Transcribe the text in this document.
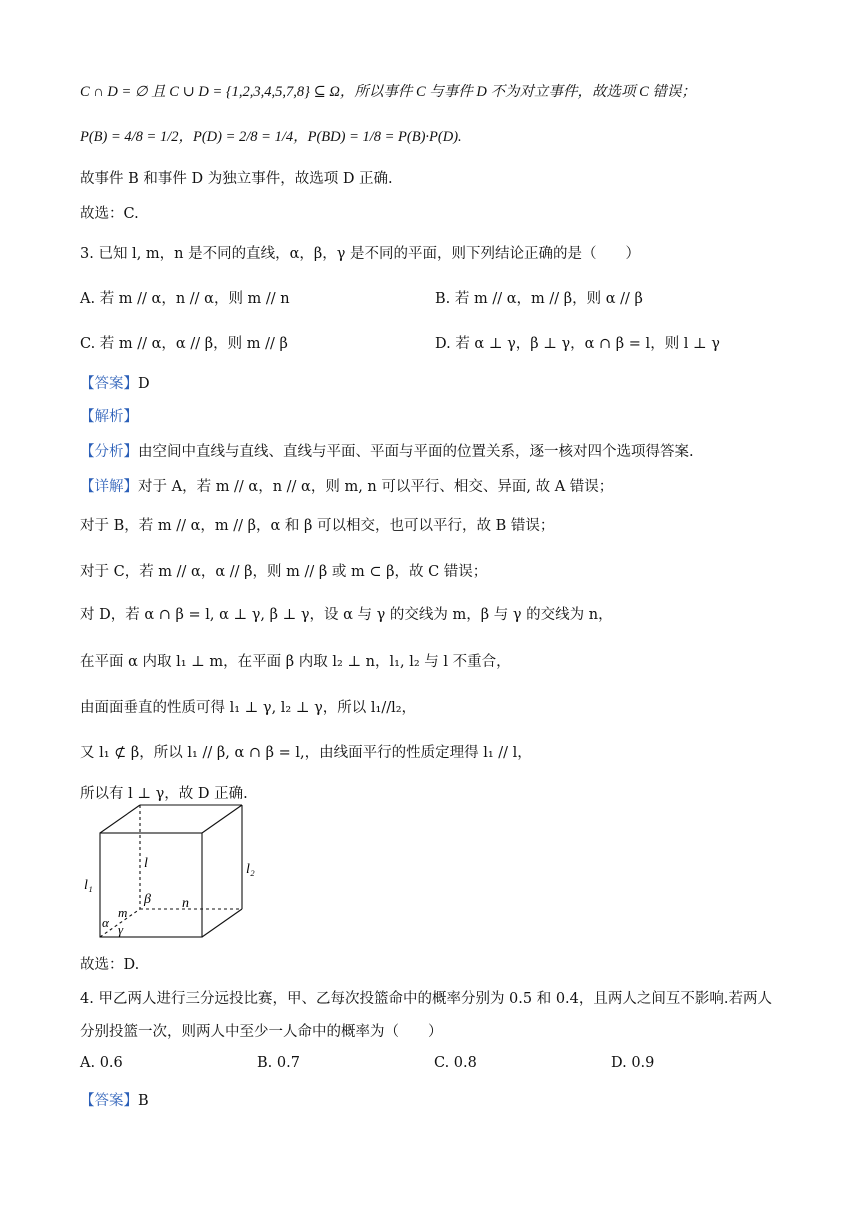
C ∩ D = ∅ 且 C ∪ D = {1,2,3,4,5,7,8} ⊆ Ω，所以事件 C 与事件 D 不为对立事件，故选项 C 错误；
P(B) = 4/8 = 1/2，P(D) = 2/8 = 1/4，P(BD) = 1/8 = P(B)·P(D).
故事件 B 和事件 D 为独立事件，故选项 D 正确.
故选：C.
3. 已知 l, m，n 是不同的直线，α，β，γ 是不同的平面，则下列结论正确的是（　　）
A. 若 m // α，n // α，则 m // n	B. 若 m // α，m // β，则 α // β
C. 若 m // α，α // β，则 m // β	D. 若 α ⊥ γ，β ⊥ γ，α ∩ β = l，则 l ⊥ γ
【答案】D
【解析】
【分析】由空间中直线与直线、直线与平面、平面与平面的位置关系，逐一核对四个选项得答案.
【详解】对于 A，若 m // α，n // α，则 m, n 可以平行、相交、异面, 故 A 错误；
对于 B，若 m // α，m // β，α 和 β 可以相交，也可以平行，故 B 错误；
对于 C，若 m // α，α // β，则 m // β 或 m ⊂ β，故 C 错误；
对 D，若 α ∩ β = l, α ⊥ γ, β ⊥ γ，设 α 与 γ 的交线为 m，β 与 γ 的交线为 n，
在平面 α 内取 l₁ ⊥ m，在平面 β 内取 l₂ ⊥ n，l₁, l₂ 与 l 不重合，
由面面垂直的性质可得 l₁ ⊥ γ, l₂ ⊥ γ，所以 l₁//l₂，
又 l₁ ⊄ β，所以 l₁ // β, α ∩ β = l,，由线面平行的性质定理得 l₁ // l，
所以有 l ⊥ γ，故 D 正确.
l	l₂
l₁
β n
m
α γ
故选：D.
4. 甲乙两人进行三分远投比赛，甲、乙每次投篮命中的概率分别为 0.5 和 0.4，且两人之间互不影响.若两人
分别投篮一次，则两人中至少一人命中的概率为（　　）
A. 0.6	B. 0.7	C. 0.8	D. 0.9
【答案】B
